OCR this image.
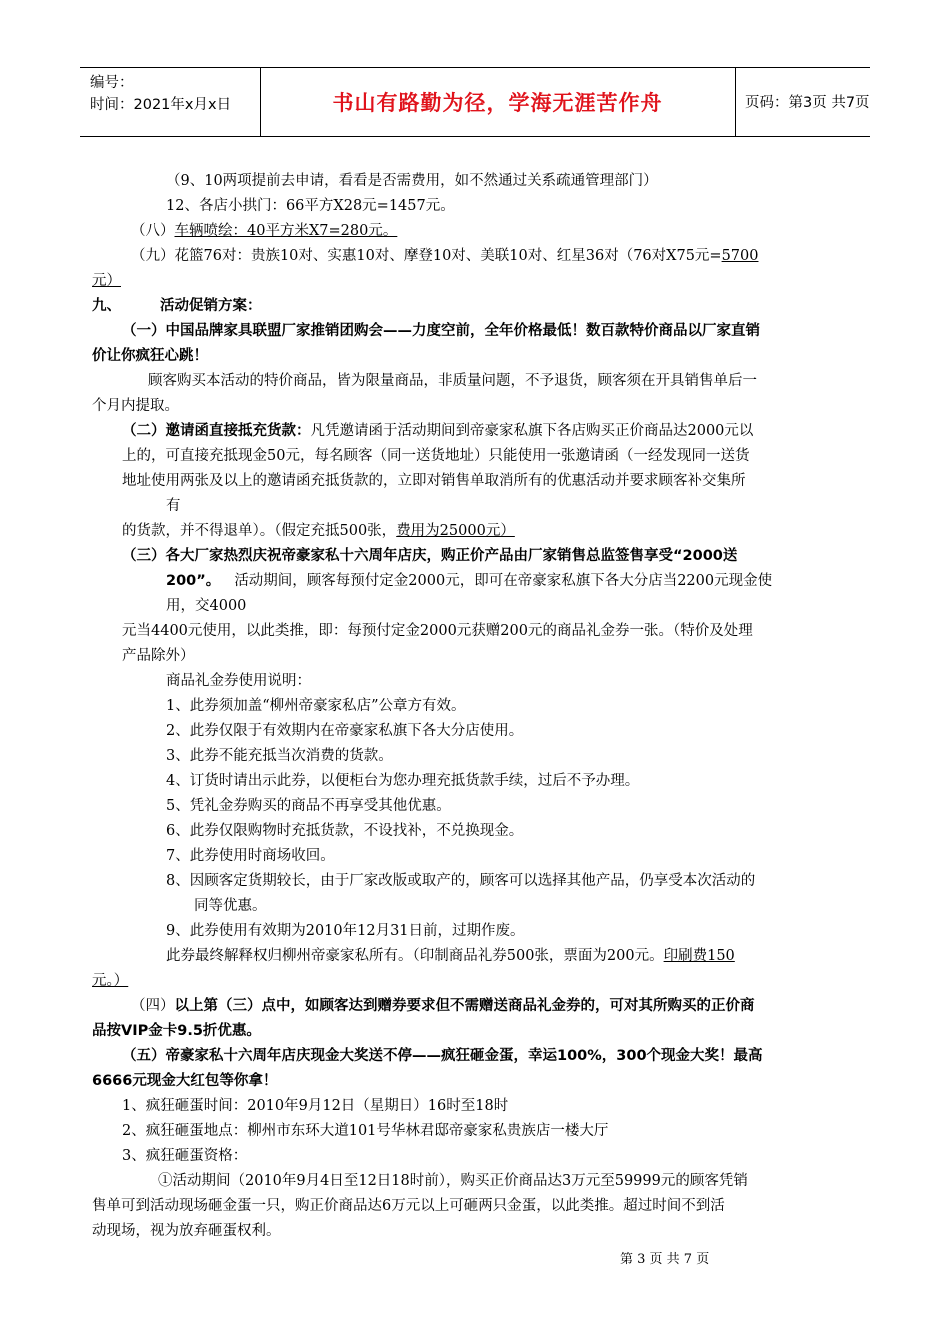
编号：
时间：2021年x月x日	书山有路勤为径，学海无涯苦作舟	页码：第3页 共7页
（9、10两项提前去申请，看看是否需费用，如不然通过关系疏通管理部门）
12、各店小拱门：66平方X28元=1457元。
（八）车辆喷绘：40平方米X7=280元。
（九）花篮76对：贵族10对、实惠10对、摩登10对、美联10对、红星36对（76对X75元=5700
元）
九、	活动促销方案：
（一）中国品牌家具联盟厂家推销团购会——力度空前，全年价格最低！数百款特价商品以厂家直销
价让你疯狂心跳！
顾客购买本活动的特价商品，皆为限量商品，非质量问题，不予退货，顾客须在开具销售单后一
个月内提取。
（二）邀请函直接抵充货款：凡凭邀请函于活动期间到帝豪家私旗下各店购买正价商品达2000元以
上的，可直接充抵现金50元，每名顾客（同一送货地址）只能使用一张邀请函（一经发现同一送货
地址使用两张及以上的邀请函充抵货款的，立即对销售单取消所有的优惠活动并要求顾客补交集所
有
的货款，并不得退单）。（假定充抵500张，费用为25000元）
（三）各大厂家热烈庆祝帝豪家私十六周年店庆，购正价产品由厂家销售总监签售享受“2000送
200”。 活动期间，顾客每预付定金2000元，即可在帝豪家私旗下各大分店当2200元现金使
用，交4000
元当4400元使用，以此类推，即：每预付定金2000元获赠200元的商品礼金券一张。（特价及处理
产品除外）
商品礼金券使用说明：
1、此券须加盖“柳州帝豪家私店”公章方有效。
2、此券仅限于有效期内在帝豪家私旗下各大分店使用。
3、此券不能充抵当次消费的货款。
4、订货时请出示此券，以便柜台为您办理充抵货款手续，过后不予办理。
5、凭礼金券购买的商品不再享受其他优惠。
6、此券仅限购物时充抵货款，不设找补，不兑换现金。
7、此券使用时商场收回。
8、因顾客定货期较长，由于厂家改版或取产的，顾客可以选择其他产品，仍享受本次活动的
同等优惠。
9、此券使用有效期为2010年12月31日前，过期作废。
此券最终解释权归柳州帝豪家私所有。（印制商品礼券500张，票面为200元。印刷费150
元。）
（四）以上第（三）点中，如顾客达到赠券要求但不需赠送商品礼金券的，可对其所购买的正价商
品按VIP金卡9.5折优惠。
（五）帝豪家私十六周年店庆现金大奖送不停——疯狂砸金蛋，幸运100%，300个现金大奖！最高
6666元现金大红包等你拿！
1、疯狂砸蛋时间：2010年9月12日（星期日）16时至18时
2、疯狂砸蛋地点：柳州市东环大道101号华林君邸帝豪家私贵族店一楼大厅
3、疯狂砸蛋资格：
①活动期间（2010年9月4日至12日18时前），购买正价商品达3万元至59999元的顾客凭销
售单可到活动现场砸金蛋一只，购正价商品达6万元以上可砸两只金蛋，以此类推。超过时间不到活
动现场，视为放弃砸蛋权利。
第 3 页 共 7 页
